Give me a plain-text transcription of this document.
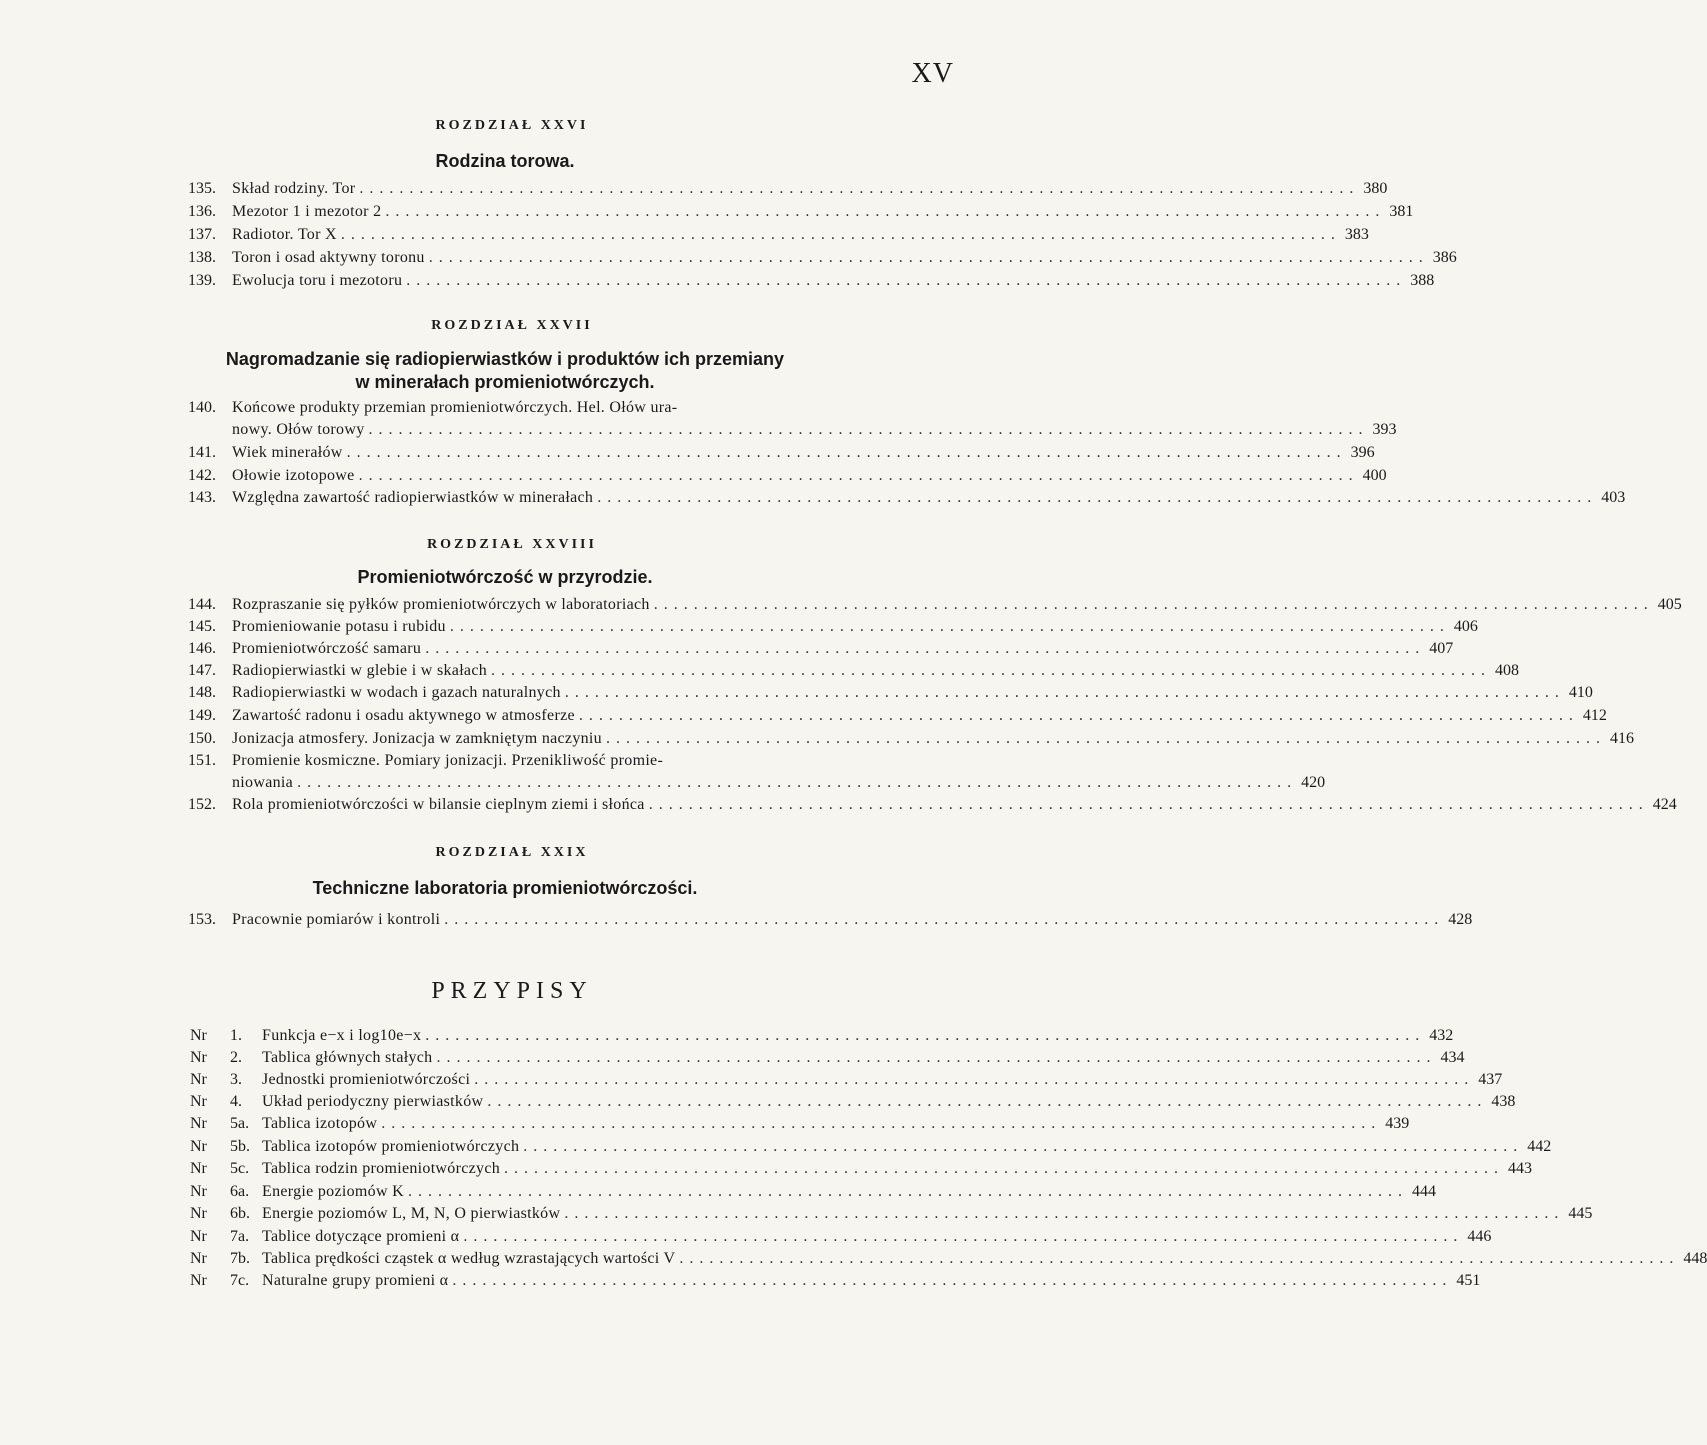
XV
ROZDZIAŁ XXVI
Rodzina torowa.
135. Skład rodziny. Tor .................................................................................................... 380
136. Mezotor 1 i mezotor 2 .................................................................................................... 381
137. Radiotor. Tor X .................................................................................................... 383
138. Toron i osad aktywny toronu .................................................................................................... 386
139. Ewolucja toru i mezotoru .................................................................................................... 388
ROZDZIAŁ XXVII
Nagromadzanie się radiopierwiastków i produktów ich przemiany
w minerałach promieniotwórczych.
140. Końcowe produkty przemian promieniotwórczych. Hel. Ołów ura-
nowy. Ołów torowy .................................................................................................... 393
141. Wiek minerałów .................................................................................................... 396
142. Ołowie izotopowe .................................................................................................... 400
143. Względna zawartość radiopierwiastków w minerałach .................................................................................................... 403
ROZDZIAŁ XXVIII
Promieniotwórczość w przyrodzie.
144. Rozpraszanie się pyłków promieniotwórczych w laboratoriach .................................................................................................... 405
145. Promieniowanie potasu i rubidu .................................................................................................... 406
146. Promieniotwórczość samaru .................................................................................................... 407
147. Radiopierwiastki w glebie i w skałach .................................................................................................... 408
148. Radiopierwiastki w wodach i gazach naturalnych .................................................................................................... 410
149. Zawartość radonu i osadu aktywnego w atmosferze .................................................................................................... 412
150. Jonizacja atmosfery. Jonizacja w zamkniętym naczyniu .................................................................................................... 416
151. Promienie kosmiczne. Pomiary jonizacji. Przenikliwość promie-
niowania .................................................................................................... 420
152. Rola promieniotwórczości w bilansie cieplnym ziemi i słońca .................................................................................................... 424
ROZDZIAŁ XXIX
Techniczne laboratoria promieniotwórczości.
153. Pracownie pomiarów i kontroli .................................................................................................... 428
PRZYPISY
Nr 1. Funkcja e−x i log10e−x .................................................................................................... 432
Nr 2. Tablica głównych stałych .................................................................................................... 434
Nr 3. Jednostki promieniotwórczości .................................................................................................... 437
Nr 4. Układ periodyczny pierwiastków .................................................................................................... 438
Nr 5a. Tablica izotopów .................................................................................................... 439
Nr 5b. Tablica izotopów promieniotwórczych .................................................................................................... 442
Nr 5c. Tablica rodzin promieniotwórczych .................................................................................................... 443
Nr 6a. Energie poziomów K .................................................................................................... 444
Nr 6b. Energie poziomów L, M, N, O pierwiastków .................................................................................................... 445
Nr 7a. Tablice dotyczące promieni α .................................................................................................... 446
Nr 7b. Tablica prędkości cząstek α według wzrastających wartości V .................................................................................................... 448
Nr 7c. Naturalne grupy promieni α .................................................................................................... 451
